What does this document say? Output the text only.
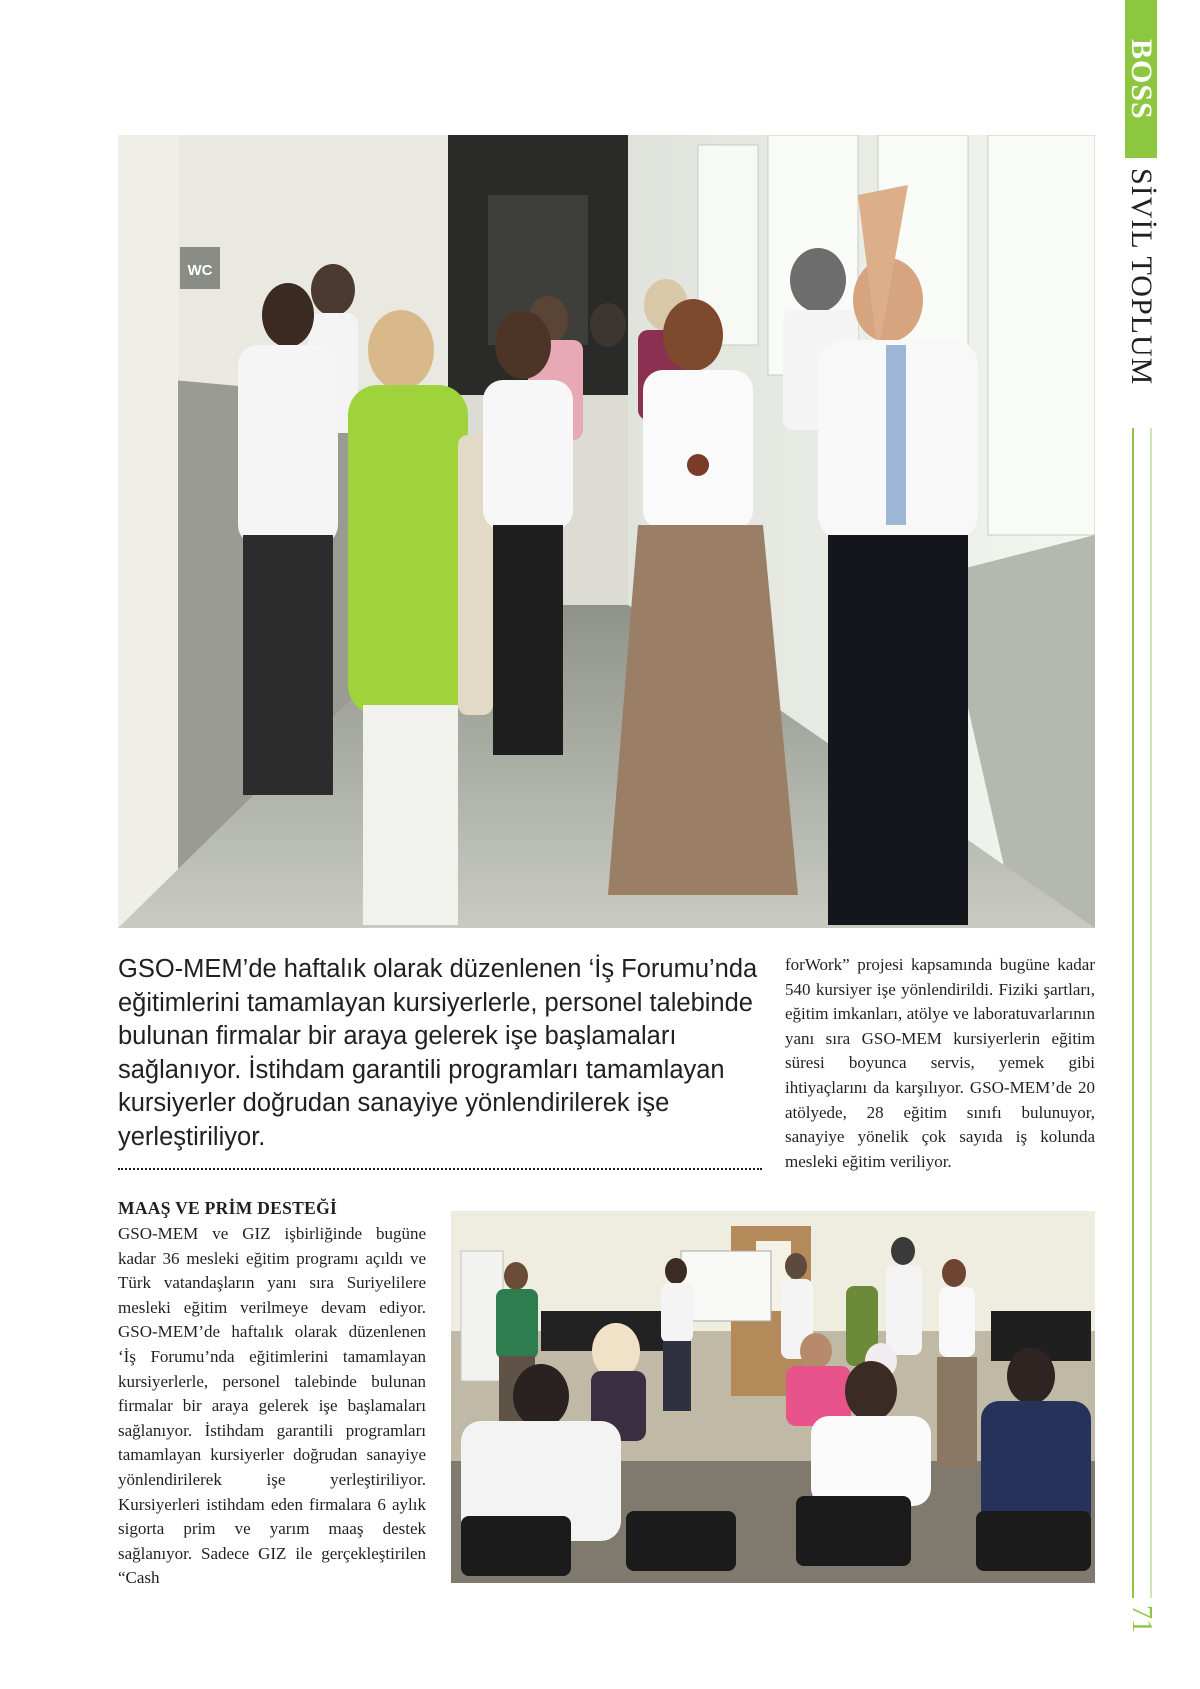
BOSS
SİVİL TOPLUM
71
WC

GSO-MEM’de haftalık olarak düzenlenen ‘İş Forumu’nda eğitimlerini tamamlayan kursiyerlerle, personel talebinde bulunan firmalar bir araya gelerek işe başlamaları sağlanıyor. İstihdam garantili programları tamamlayan kursiyerler doğrudan sanayiye yönlendirilerek işe yerleştiriliyor.

forWork” projesi kapsamında bugüne kadar 540 kursiyer işe yönlendirildi. Fiziki şartları, eğitim imkanları, atölye ve laboratuvarlarının yanı sıra GSO-MEM kursiyerlerin eğitim süresi boyunca servis, yemek gibi ihtiyaçlarını da karşılıyor. GSO-MEM’de 20 atölyede, 28 eğitim sınıfı bulunuyor, sanayiye yönelik çok sayıda iş kolunda mesleki eğitim veriliyor.

MAAŞ VE PRİM DESTEĞİ

GSO-MEM ve GIZ işbirliğinde bugüne kadar 36 mesleki eğitim programı açıldı ve Türk vatandaşların yanı sıra Suriyelilere mesleki eğitim verilmeye devam ediyor. GSO-MEM’de haftalık olarak düzenlenen ‘İş Forumu’nda eğitimlerini tamamlayan kursiyerlerle, personel talebinde bulunan firmalar bir araya gelerek işe başlamaları sağlanıyor. İstihdam garantili programları tamamlayan kursiyerler doğrudan sanayiye yönlendirilerek işe yerleştiriliyor. Kursiyerleri istihdam eden firmalara 6 aylık sigorta prim ve yarım maaş destek sağlanıyor. Sadece GIZ ile gerçekleştirilen “Cash
